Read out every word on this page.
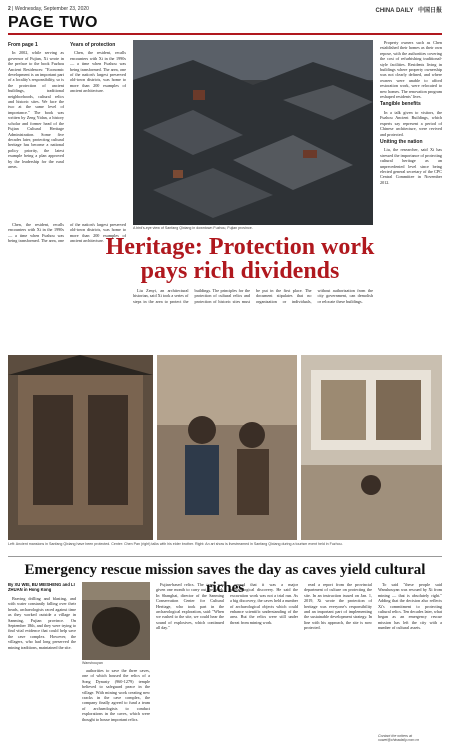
2 | Wednesday, September 23, 2020	CHINA DAILY 中国日报
PAGE TWO
From page 1

In 2002, while serving as governor of Fujian, Xi wrote in the preface to the book Fuzhou Ancient Residences: "Economic development is an important part of a locality's responsibility, so is the protection of ancient buildings, traditional neighborhoods, cultural relics and historic sites. We face the two at the same level of importance." The book was written by Zeng Yidan, a history scholar and former head of the Fujian Cultural Heritage Administration. Some five decades later, protecting cultural heritage has become a national policy priority, the latest example being a plan approved by the leadership for the rural areas.

Years of protection

Chen, the resident, recalls encounters with Xi in the 1990s — a time when Fuzhou was being transformed. The area, one of the nation's largest preserved old-town districts, was home to more than 200 examples of ancient architecture.

A bird's-eye view of Sanfang Qixiang in downtown Fuzhou, Fujian province.

Property owners such as Chen established their homes as their own repose, with the authorities covering the cost of refurbishing traditional-style facilities. Residents living in buildings where property ownership was not clearly defined, and where owners were unable to afford restoration work, were relocated to new homes. The renovation program reshaped residents' lives.

Tangible benefits

In a talk given to visitors, the Fuzhou Ancient Buildings, which experts say represent a period of Chinese architecture, were revived and protected.

Uniting the nation

Liu, the researcher, said Xi has stressed the importance of protecting cultural heritage as an unprecedented level since being elected general secretary of the CPC Central Committee in November 2012.

Heritage: Protection work pays rich dividends

Chen, the resident, recalls encounters with Xi in the 1990s — a time when Fuzhou was being transformed. The area, one of the nation's largest preserved old-town districts, was home to more than 200 examples of ancient architecture.

Liu Zenyi, an architectural historian, said Xi took a series of steps in the area to protect the buildings. The principles for the protection of cultural relics and protection of historic sites must be put in the first place. The document stipulates that no organization or individuals, without authorization from the city government, can demolish or relocate these buildings.

Left: Ancient mansions in Sanfang Qixiang have been protected. Center: Chen Pan (right) talks with his elder brother. Right: An art show is livestreamed in Sanfang Qixiang during a tourism event held in Fuzhou.
Emergency rescue mission saves the day as caves yield cultural riches
By XU WEI, BU MEISHENG and LI ZHUAN in Hong Kong

Braving drilling and blasting, and with water constantly falling over their heads, archaeologists raced against time as they worked outside a village in Sanming, Fujian province. On September 18th, and they were trying to find vital evidence that could help save the cave complex. However, the villagers, who had long preserved the mining traditions, maintained the site.

Wanshouyan

authorities to save the three caves, one of which housed the relics of a Song Dynasty (960-1279) temple believed to safeguard peace in the village. With mining work creating new cracks in the cave complex, the company finally agreed to fund a team of archaeologists to conduct explorations in the caves, which were thought to house important relics.

Fujian-based relics. The team was given one month to carry out the work. In Shanghai, director of the Sanming Conservation Center for Cultural Heritage, who took part in the archaeological exploration, said: "When we rushed to the site, we could hear the sound of explosives, which continued all day."

agreed that it was a major archaeological discovery. He said the excavation work was not a trial run. As a big discovery, the caves held a number of archaeological objects which could enhance scientific understanding of the area. But the relics were still under threat from mining work.

read a report from the provincial department of culture on protecting the site. In an instruction issued on Jan. 1, 2019, Xi wrote the protection of heritage was everyone's responsibility and an important part of implementing the sustainable development strategy. In line with his approach, the site is now protected.

To said "these people said Wanshouyan was rescued by Xi from mining — that is absolutely right." Adding that the decision also reflects Xi's commitment to protecting cultural relics. Ten decades later, what began as an emergency rescue mission has left the city with a number of cultural assets.

Contact the writers at xuwei@chinadaily.com.cn
